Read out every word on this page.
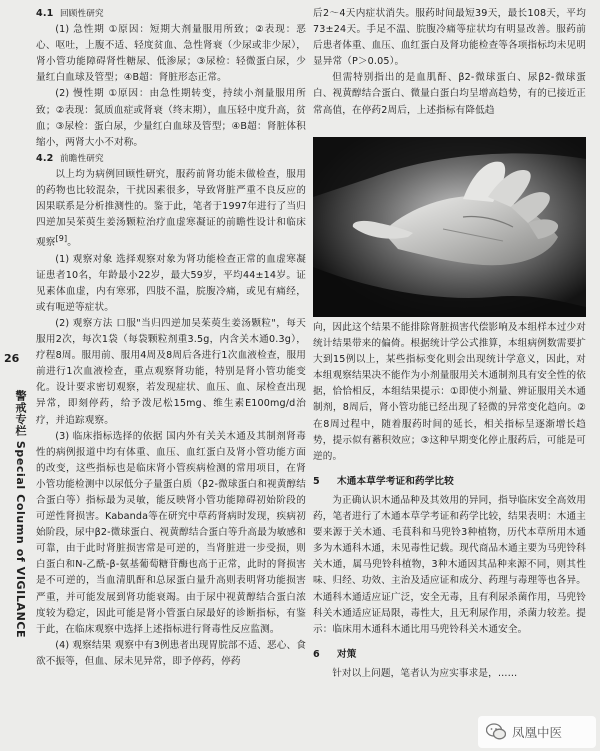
4.1 回顾性研究

(1) 急性期 ①原因：短期大剂量服用所致；②表现：恶心、呕吐，上腹不适、轻度贫血、急性肾衰（少尿或非少尿），肾小管功能障碍肾性糖尿、低渗尿；③尿检：轻微蛋白尿，少量红白血球及管型；④B超：肾脏形态正常。

(2) 慢性期 ①原因：由急性期转变，持续小剂量服用所致；②表现：氮质血症或肾衰（终末期），血压轻中度升高，贫血；③尿检：蛋白尿，少量红白血球及管型；④B超：肾脏体积缩小，两肾大小不对称。

4.2 前瞻性研究

以上均为病例回顾性研究，服药前肾功能未做检查，服用的药物也比较混杂，干扰因素很多，导致肾脏严重不良反应的因果联系是分析推测性的。鉴于此，笔者于1997年进行了当归四逆加吴茱萸生姜汤颗粒治疗血虚寒凝证的前瞻性设计和临床观察[9]。

(1) 观察对象 选择观察对象为肾功能检查正常的血虚寒凝证患者10名，年龄最小22岁，最大59岁，平均44±14岁。证见素体血虚，内有寒邪，四肢不温，脘腹冷痛，或见有痛经，或有呃逆等症状。

(2) 观察方法 口服"当归四逆加吴茱萸生姜汤颗粒"，每天服用2次，每次1袋（每袋颗粒剂重3.5g，内含关木通0.3g），疗程8周。服用前、服用4周及8周后各进行1次血液检查，服用前进行1次血液检查，重点观察肾功能，特别是肾小管功能变化。设计要求密切观察，若发现症状、血压、血、尿检查出现异常，即刻停药，给予泼尼松15mg、维生素E100mg/d治疗，并追踪观察。

(3) 临床指标选择的依据 国内外有关关木通及其制剂肾毒性的病例报道中均有体重、血压、血红蛋白及肾小管功能方面的改变，这些指标也是临床肾小管疾病检测的常用项目，在肾小管功能检测中以尿低分子量蛋白质（β2-微球蛋白和视黄醇结合蛋白等）指标最为灵敏，能反映肾小管功能障碍初始阶段的可逆性肾损害。Kabanda等在研究中草药肾病时发现，疾病初始阶段，尿中β2-微球蛋白、视黄醇结合蛋白等升高最为敏感和可靠，由于此时肾脏损害常是可逆的，当肾脏进一步受损，则白蛋白和N-乙酰-β-氨基葡萄糖苷酶也高于正常，此时的肾损害是不可逆的，当血清肌酐和总尿蛋白量升高则表明肾功能损害严重，并可能发展到肾功能衰竭。由于尿中视黄醇结合蛋白浓度较为稳定，因此可能是肾小管蛋白尿最好的诊断指标，有鉴于此，在临床观察中选择上述指标进行肾毒性反应监测。

(4) 观察结果 观察中有3例患者出现胃脘部不适、恶心、食欲不振等，但血、尿未见异常，即予停药，停药

后2～4天内症状消失。服药时间最短39天，最长108天，平均73±24天。手足不温、脘腹冷痛等症状均有明显改善。服药前后患者体重、血压、血红蛋白及肾功能检查等各项指标均未见明显异常（P＞0.05）。

但需特别指出的是血肌酐、β2-微球蛋白、尿β2-微球蛋白、视黄醇结合蛋白、微量白蛋白均呈增高趋势，有的已接近正常高值，在停药2周后，上述指标有降低趋

向，因此这个结果不能排除肾脏损害代偿影响及本组样本过少对统计结果带来的偏倚。根据统计学公式推算，本组病例数需要扩大到15例以上，某些指标变化则会出现统计学意义，因此，对本组观察结果决不能作为小剂量服用关木通制剂具有安全性的依据，恰恰相反，本组结果提示：①即使小剂量、辨证服用关木通制剂，8周后，肾小管功能已经出现了轻微的异常变化趋向。②在8周过程中，随着服药时间的延长，相关指标呈逐渐增长趋势，提示似有蓄积效应；③这种早期变化停止服药后，可能是可逆的。

5 木通本草学考证和药学比较

为正确认识木通品种及其效用的异同，指导临床安全高效用药，笔者进行了木通本草学考证和药学比较，结果表明：木通主要来源于关木通、毛茛科和马兜铃3种植物，历代本草所用木通多为木通科木通，未见毒性记载。现代商品木通主要为马兜铃科关木通，属马兜铃科植物，3种木通因其品种来源不同，则其性味、归经、功效、主治及适应证和成分、药理与毒理等也各异。木通科木通适应证广泛，安全无毒，且有利尿杀菌作用，马兜铃科关木通适应证局限，毒性大，且无利尿作用，杀菌力较差。提示：临床用木通科木通比用马兜铃科关木通安全。

6 对策

针对以上问题，笔者认为应实事求是，……

26
警戒专栏 Special Column of VIGILANCE
凤凰中医
